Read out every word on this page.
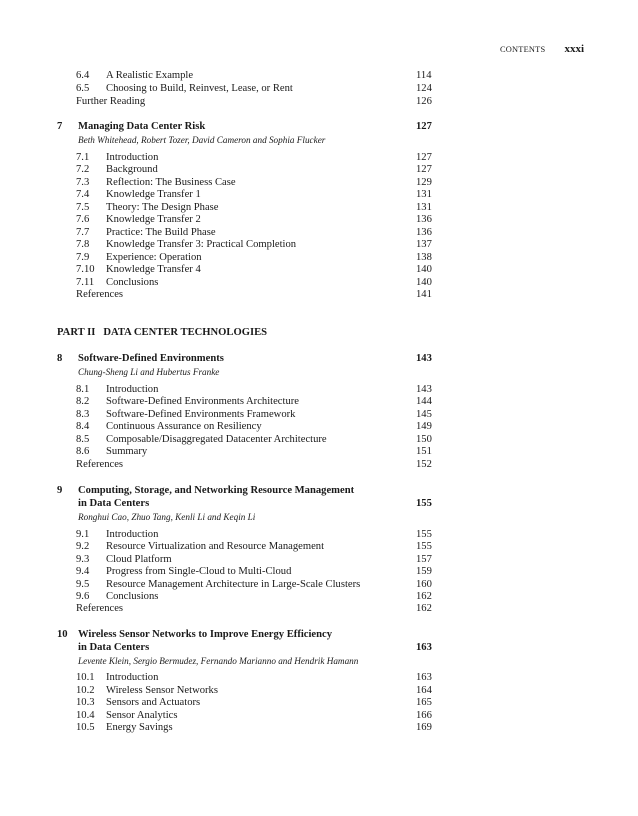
CONTENTS xxxi
6.4 A Realistic Example	114
6.5 Choosing to Build, Reinvest, Lease, or Rent	124
Further Reading	126
7 Managing Data Center Risk	127
Beth Whitehead, Robert Tozer, David Cameron and Sophia Flucker
7.1 Introduction	127
7.2 Background	127
7.3 Reflection: The Business Case	129
7.4 Knowledge Transfer 1	131
7.5 Theory: The Design Phase	131
7.6 Knowledge Transfer 2	136
7.7 Practice: The Build Phase	136
7.8 Knowledge Transfer 3: Practical Completion	137
7.9 Experience: Operation	138
7.10 Knowledge Transfer 4	140
7.11 Conclusions	140
References	141
PART II DATA CENTER TECHNOLOGIES
8 Software-Defined Environments	143
Chung-Sheng Li and Hubertus Franke
8.1 Introduction	143
8.2 Software-Defined Environments Architecture	144
8.3 Software-Defined Environments Framework	145
8.4 Continuous Assurance on Resiliency	149
8.5 Composable/Disaggregated Datacenter Architecture	150
8.6 Summary	151
References	152
9 Computing, Storage, and Networking Resource Management
in Data Centers	155
Ronghui Cao, Zhuo Tang, Kenli Li and Keqin Li
9.1 Introduction	155
9.2 Resource Virtualization and Resource Management	155
9.3 Cloud Platform	157
9.4 Progress from Single-Cloud to Multi-Cloud	159
9.5 Resource Management Architecture in Large-Scale Clusters	160
9.6 Conclusions	162
References	162
10 Wireless Sensor Networks to Improve Energy Efficiency
in Data Centers	163
Levente Klein, Sergio Bermudez, Fernando Marianno and Hendrik Hamann
10.1 Introduction	163
10.2 Wireless Sensor Networks	164
10.3 Sensors and Actuators	165
10.4 Sensor Analytics	166
10.5 Energy Savings	169
